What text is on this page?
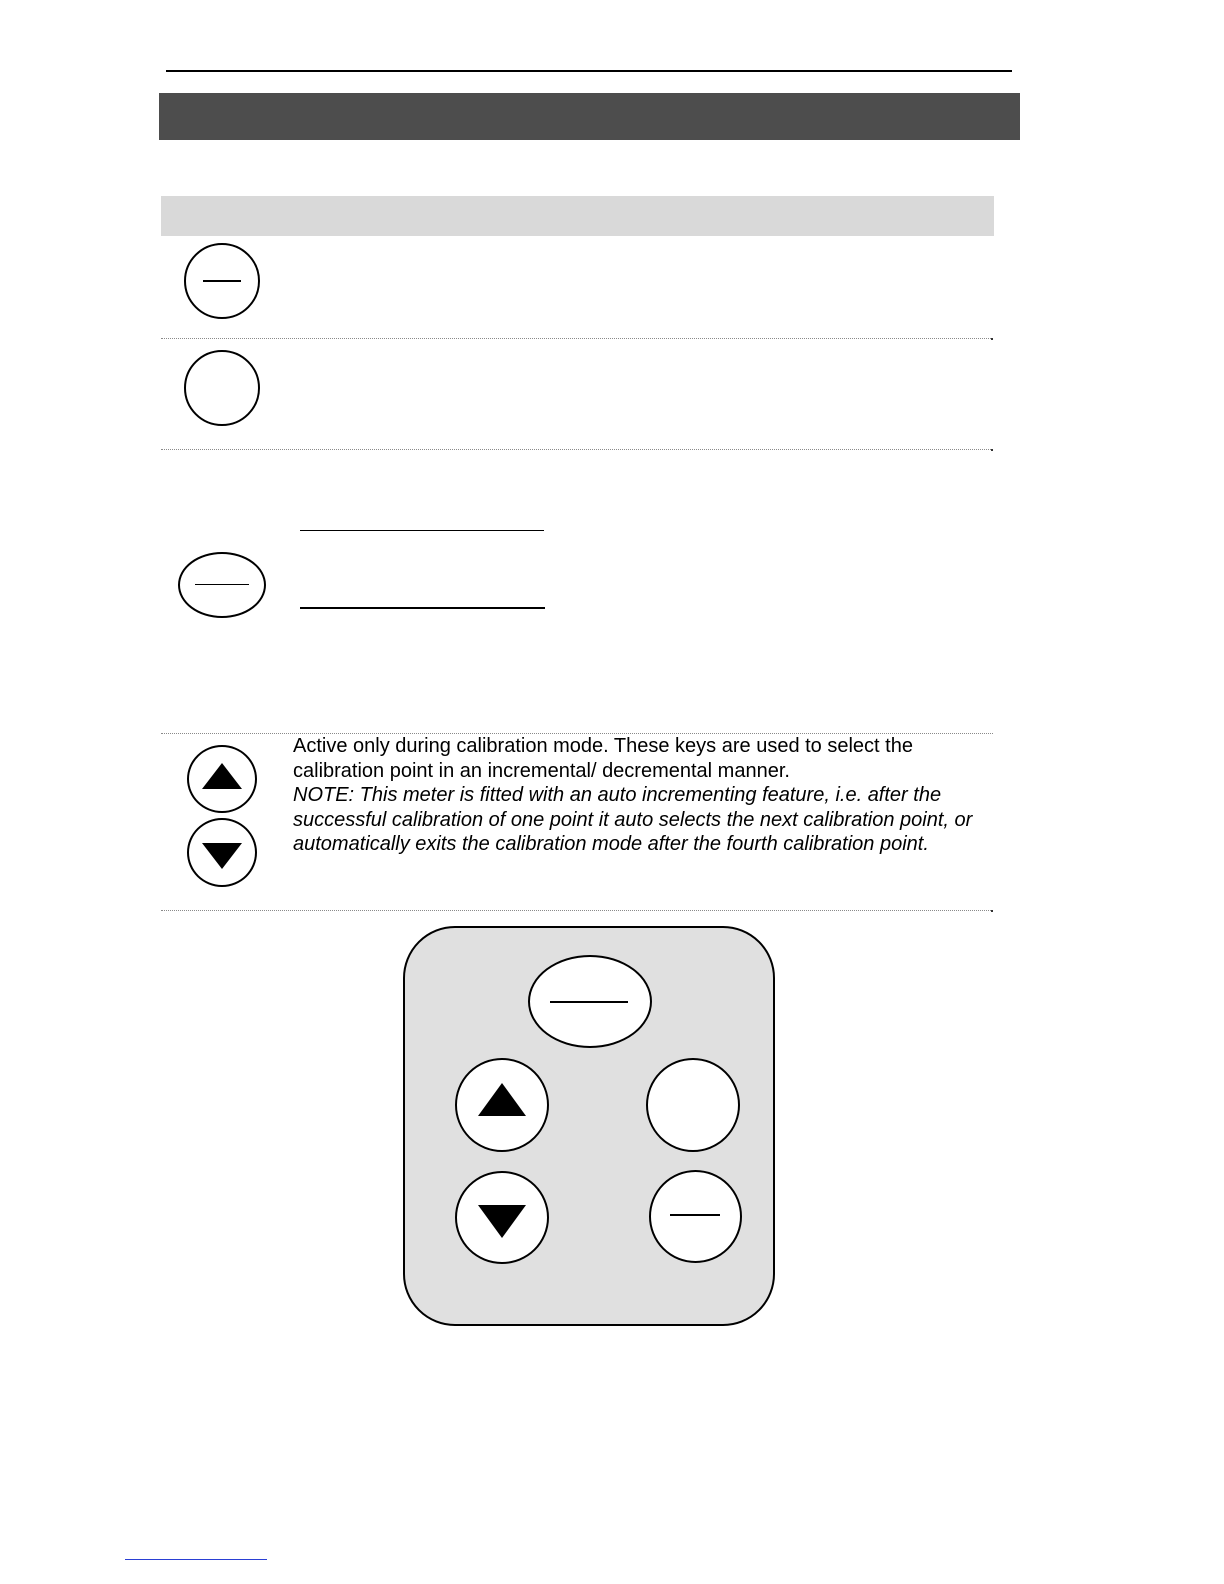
Active only during calibration mode. These keys are used to select the calibration point in an incremental/ decremental manner.

NOTE: This meter is fitted with an auto incrementing feature, i.e. after the successful calibration of one point it auto selects the next calibration point, or automatically exits the calibration mode after the fourth calibration point.
